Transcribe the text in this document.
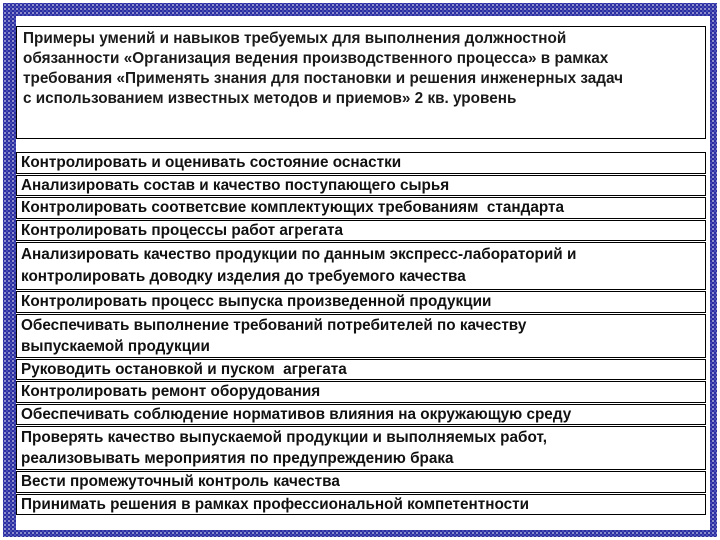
Примеры умений и навыков требуемых для выполнения должностной

обязанности «Организация ведения производственного процесса» в рамках

требования «Применять знания для постановки и решения инженерных задач

с использованием известных методов и приемов» 2 кв. уровень

Контролировать и оценивать состояние оснастки
Анализировать состав и качество поступающего сырья
Контролировать соответсвие комплектующих требованиям  стандарта
Контролировать процессы работ агрегата
Анализировать качество продукции по данным экспресс-лабораторий и
контролировать доводку изделия до требуемого качества
Контролировать процесс выпуска произведенной продукции
Обеспечивать выполнение требований потребителей по качеству
выпускаемой продукции
Руководить остановкой и пуском  агрегата
Контролировать ремонт оборудования
Обеспечивать соблюдение нормативов влияния на окружающую среду
Проверять качество выпускаемой продукции и выполняемых работ,
реализовывать мероприятия по предупреждению брака
Вести промежуточный контроль качества
Принимать решения в рамках профессиональной компетентности
